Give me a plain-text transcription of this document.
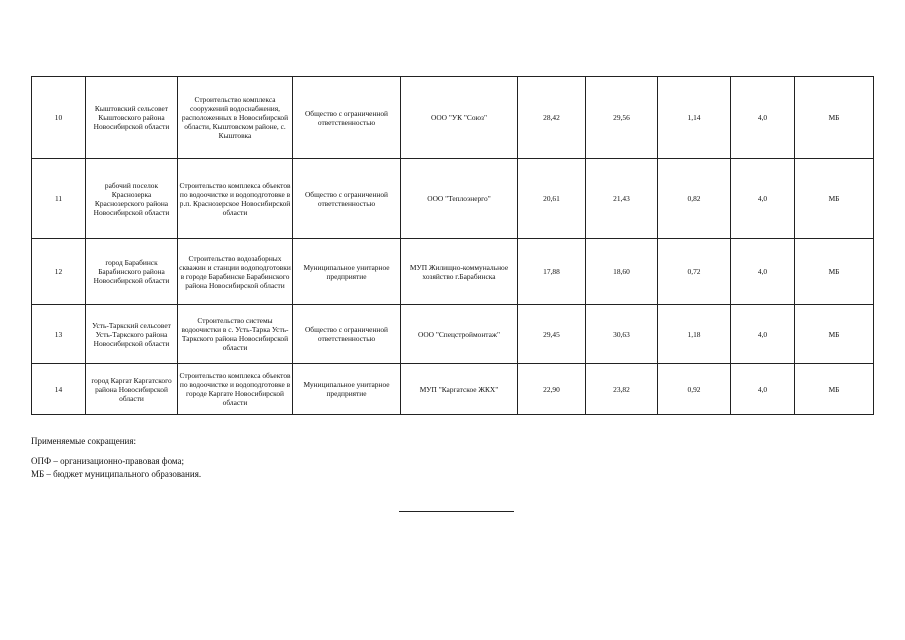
10	Кыштовский сельсовет Кыштовского района Новосибирской области	Строительство комплекса сооружений водоснабжения, расположенных в Новосибирской области, Кыштовском районе, с. Кыштовка	Общество с ограниченной ответственностью	ООО "УК "Союз"	28,42	29,56	1,14	4,0	МБ
11	рабочий поселок Краснозерка Краснозерского района Новосибирской области	Строительство комплекса объектов по водоочистке и водоподготовке в р.п. Краснозерское Новосибирской области	Общество с ограниченной ответственностью	ООО "Теплоэнерго"	20,61	21,43	0,82	4,0	МБ
12	город Барабинск Барабинского района Новосибирской области	Строительство водозаборных скважин и станции водоподготовки в городе Барабинске Барабинского района Новосибирской области	Муниципальное унитарное предприятие	МУП Жилищно-коммунальное хозяйство г.Барабинска	17,88	18,60	0,72	4,0	МБ
13	Усть-Таркский сельсовет Усть-Таркского района Новосибирской области	Строительство системы водоочистки в с. Усть-Тарка Усть-Таркского района Новосибирской области	Общество с ограниченной ответственностью	ООО "Спецстроймонтаж"	29,45	30,63	1,18	4,0	МБ
14	город Каргат Каргатского района Новосибирской области	Строительство комплекса объектов по водоочистке и водоподготовке в городе Каргате Новосибирской области	Муниципальное унитарное предприятие	МУП "Каргатское ЖКХ"	22,90	23,82	0,92	4,0	МБ
Применяемые сокращения:
ОПФ – организационно-правовая фома;
МБ – бюджет муниципального образования.
